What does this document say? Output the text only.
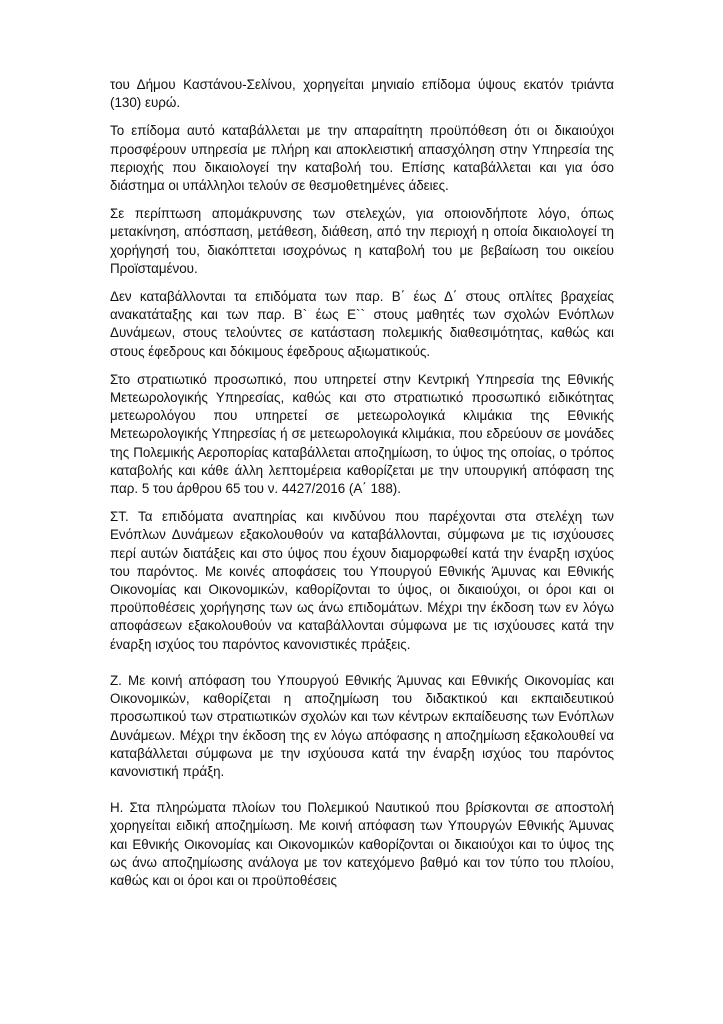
του Δήμου Καστάνου-Σελίνου, χορηγείται μηνιαίο επίδομα ύψους εκατόν τριάντα (130) ευρώ.

Το επίδομα αυτό καταβάλλεται με την απαραίτητη προϋπόθεση ότι οι δικαιούχοι προσφέρουν υπηρεσία με πλήρη και αποκλειστική απασχόληση στην Υπηρεσία της περιοχής που δικαιολογεί την καταβολή του. Επίσης καταβάλλεται και για όσο διάστημα οι υπάλληλοι τελούν σε θεσμοθετημένες άδειες.

Σε περίπτωση απομάκρυνσης των στελεχών, για οποιονδήποτε λόγο, όπως μετακίνηση, απόσπαση, μετάθεση, διάθεση, από την περιοχή η οποία δικαιολογεί τη χορήγησή του, διακόπτεται ισοχρόνως η καταβολή του με βεβαίωση του οικείου Προϊσταμένου.

Δεν καταβάλλονται τα επιδόματα των παρ. Β΄ έως Δ΄ στους οπλίτες βραχείας ανακατάταξης και των παρ. Β` έως Ε`` στους μαθητές των σχολών Ενόπλων Δυνάμεων, στους τελούντες σε κατάσταση πολεμικής διαθεσιμότητας, καθώς και στους έφεδρους και δόκιμους έφεδρους αξιωματικούς.

Στο στρατιωτικό προσωπικό, που υπηρετεί στην Κεντρική Υπηρεσία της Εθνικής Μετεωρολογικής Υπηρεσίας, καθώς και στο στρατιωτικό προσωπικό ειδικότητας μετεωρολόγου που υπηρετεί σε μετεωρολογικά κλιμάκια της Εθνικής Μετεωρολογικής Υπηρεσίας ή σε μετεωρολογικά κλιμάκια, που εδρεύουν σε μονάδες της Πολεμικής Αεροπορίας καταβάλλεται αποζημίωση, το ύψος της οποίας, ο τρόπος καταβολής και κάθε άλλη λεπτομέρεια καθορίζεται με την υπουργική απόφαση της παρ. 5 του άρθρου 65 του ν. 4427/2016 (Α΄ 188).

ΣΤ. Τα επιδόματα αναπηρίας και κινδύνου που παρέχονται στα στελέχη των Ενόπλων Δυνάμεων εξακολουθούν να καταβάλλονται, σύμφωνα με τις ισχύουσες περί αυτών διατάξεις και στο ύψος που έχουν διαμορφωθεί κατά την έναρξη ισχύος του παρόντος. Με κοινές αποφάσεις του Υπουργού Εθνικής Άμυνας και Εθνικής Οικονομίας και Οικονομικών, καθορίζονται το ύψος, οι δικαιούχοι, οι όροι και οι προϋποθέσεις χορήγησης των ως άνω επιδομάτων. Μέχρι την έκδοση των εν λόγω αποφάσεων εξακολουθούν να καταβάλλονται σύμφωνα με τις ισχύουσες κατά την έναρξη ισχύος του παρόντος κανονιστικές πράξεις.

Ζ. Με κοινή απόφαση του Υπουργού Εθνικής Άμυνας και Εθνικής Οικονομίας και Οικονομικών, καθορίζεται η αποζημίωση του διδακτικού και εκπαιδευτικού προσωπικού των στρατιωτικών σχολών και των κέντρων εκπαίδευσης των Ενόπλων Δυνάμεων. Μέχρι την έκδοση της εν λόγω απόφασης η αποζημίωση εξακολουθεί να καταβάλλεται σύμφωνα με την ισχύουσα κατά την έναρξη ισχύος του παρόντος κανονιστική πράξη.

Η. Στα πληρώματα πλοίων του Πολεμικού Ναυτικού που βρίσκονται σε αποστολή χορηγείται ειδική αποζημίωση. Με κοινή απόφαση των Υπουργών Εθνικής Άμυνας και Εθνικής Οικονομίας και Οικονομικών καθορίζονται οι δικαιούχοι και το ύψος της ως άνω αποζημίωσης ανάλογα με τον κατεχόμενο βαθμό και τον τύπο του πλοίου, καθώς και οι όροι και οι προϋποθέσεις
